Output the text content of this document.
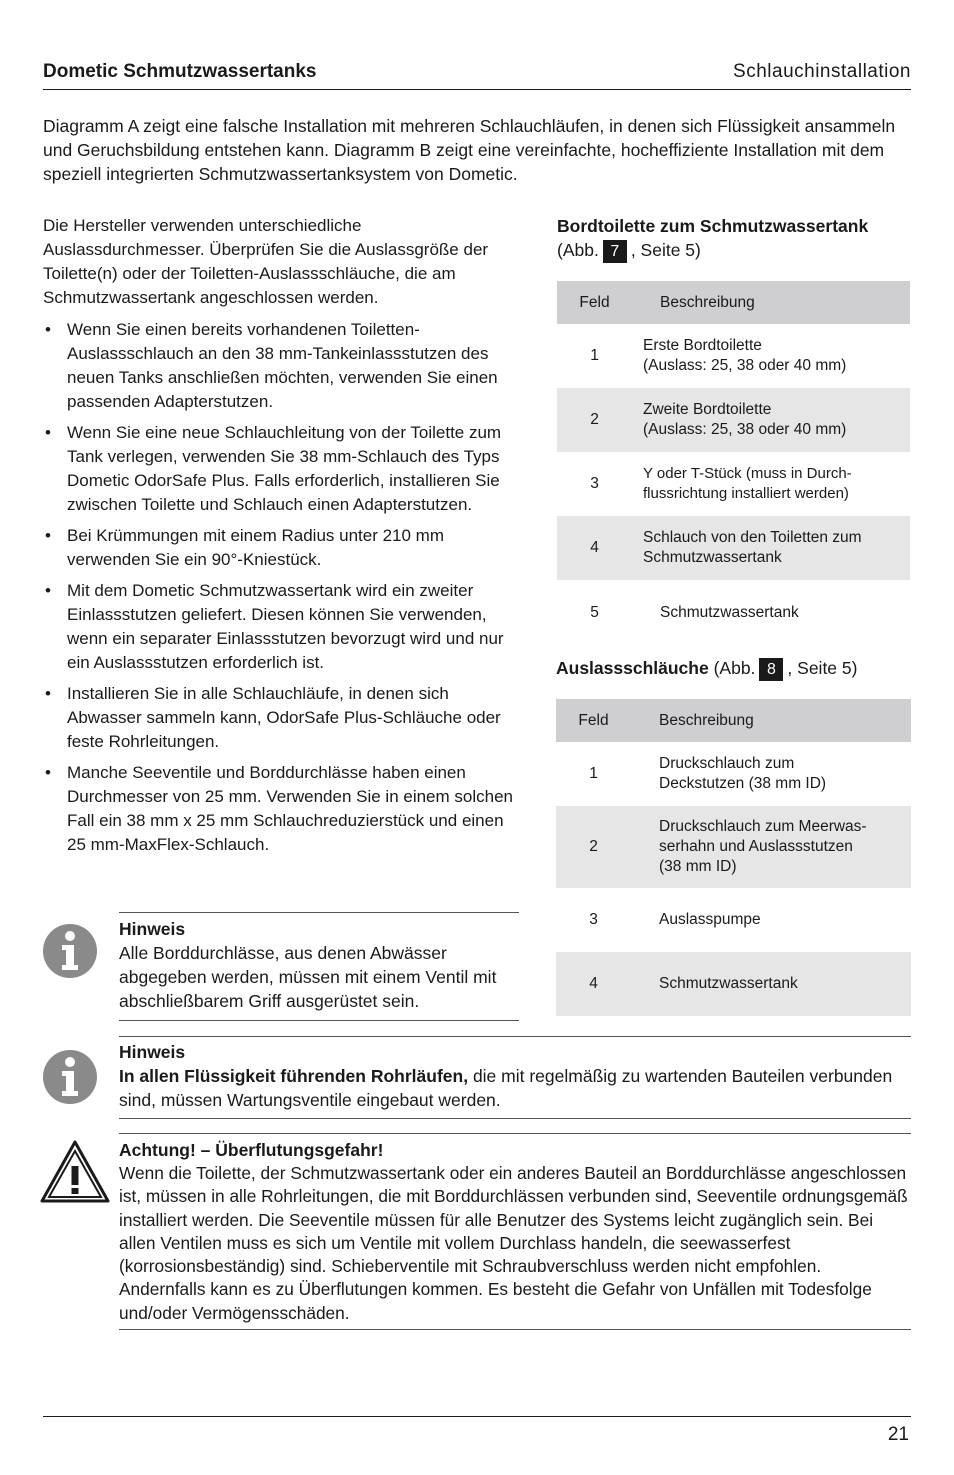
Dometic Schmutzwassertanks	Schlauchinstallation
Diagramm A zeigt eine falsche Installation mit mehreren Schlauchläufen, in denen sich Flüssigkeit ansammeln und Geruchsbildung entstehen kann. Diagramm B zeigt eine vereinfachte, hocheffiziente Installation mit dem speziell integrierten Schmutzwassertanksystem von Dometic.

Die Hersteller verwenden unterschiedliche Auslassdurchmesser. Überprüfen Sie die Auslassgröße der Toilette(n) oder der Toiletten-Auslassschläuche, die am Schmutzwassertank angeschlossen werden.

• Wenn Sie einen bereits vorhandenen Toiletten-Auslassschlauch an den 38 mm-Tankeinlassstutzen des neuen Tanks anschließen möchten, verwenden Sie einen passenden Adapterstutzen.
• Wenn Sie eine neue Schlauchleitung von der Toilette zum Tank verlegen, verwenden Sie 38 mm-Schlauch des Typs Dometic OdorSafe Plus. Falls erforderlich, installieren Sie zwischen Toilette und Schlauch einen Adapterstutzen.
• Bei Krümmungen mit einem Radius unter 210 mm verwenden Sie ein 90°-Kniestück.
• Mit dem Dometic Schmutzwassertank wird ein zweiter Einlassstutzen geliefert. Diesen können Sie verwenden, wenn ein separater Einlassstutzen bevorzugt wird und nur ein Auslassstutzen erforderlich ist.
• Installieren Sie in alle Schlauchläufe, in denen sich Abwasser sammeln kann, OdorSafe Plus-Schläuche oder feste Rohrleitungen.
• Manche Seeventile und Borddurchlässe haben einen Durchmesser von 25 mm. Verwenden Sie in einem solchen Fall ein 38 mm x 25 mm Schlauchreduzierstück und einen 25 mm-MaxFlex-Schlauch.
Bordtoilette zum Schmutzwassertank
(Abb. 7 , Seite 5)
Feld	Beschreibung
1	Erste Bordtoilette
(Auslass: 25, 38 oder 40 mm)
2	Zweite Bordtoilette
(Auslass: 25, 38 oder 40 mm)
3	Y oder T-Stück (muss in Durch-
flussrichtung installiert werden)
4	Schlauch von den Toiletten zum
Schmutzwassertank
5	Schmutzwassertank
Auslassschläuche (Abb. 8 , Seite 5)
Feld	Beschreibung
1	Druckschlauch zum
Deckstutzen (38 mm ID)
2	Druckschlauch zum Meerwas-
serhahn und Auslassstutzen
(38 mm ID)
3	Auslasspumpe
4	Schmutzwassertank
Hinweis
Alle Borddurchlässe, aus denen Abwässer abgegeben werden, müssen mit einem Ventil mit abschließbarem Griff ausgerüstet sein.
Hinweis
In allen Flüssigkeit führenden Rohrläufen, die mit regelmäßig zu wartenden Bauteilen verbunden sind, müssen Wartungsventile eingebaut werden.
Achtung! – Überflutungsgefahr!
Wenn die Toilette, der Schmutzwassertank oder ein anderes Bauteil an Borddurchlässe angeschlossen ist, müssen in alle Rohrleitungen, die mit Borddurchlässen verbunden sind, Seeventile ordnungsgemäß installiert werden. Die Seeventile müssen für alle Benutzer des Systems leicht zugänglich sein. Bei allen Ventilen muss es sich um Ventile mit vollem Durchlass handeln, die seewasserfest (korrosionsbeständig) sind. Schieberventile mit Schraubverschluss werden nicht empfohlen. Andernfalls kann es zu Überflutungen kommen. Es besteht die Gefahr von Unfällen mit Todesfolge und/oder Vermögensschäden.
21
